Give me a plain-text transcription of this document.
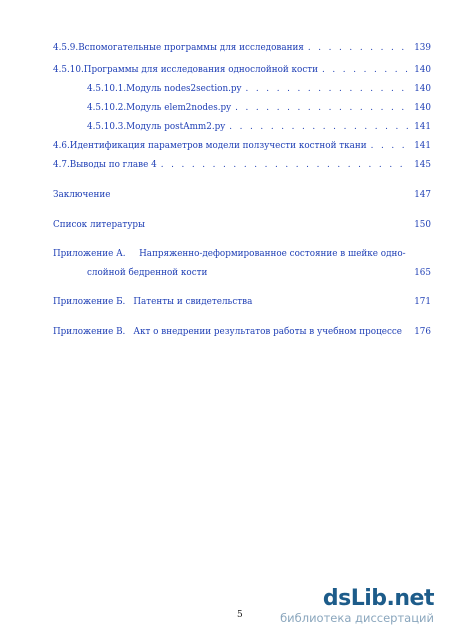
4.5.9. Вспомогательные программы для исследования . . .	139
4.5.10. Программы для исследования однослойной кости . . .	140
4.5.10.1. Модуль nodes2section.py . . .	140
4.5.10.2. Модуль elem2nodes.py . . .	140
4.5.10.3. Модуль postAmm2.py . . .	141
4.6. Идентификация параметров модели ползучести костной ткани . . .	141
4.7. Выводы по главе 4 . . .	145
Заключение	147
Список литературы	150
Приложение А. Напряженно-деформированное состояние в шейке одно-
слойной бедренной кости	165
Приложение Б. Патенты и свидетельства	171
Приложение В. Акт о внедрении результатов работы в учебном процессе 176
5
dsLib.net
библиотека диссертаций
